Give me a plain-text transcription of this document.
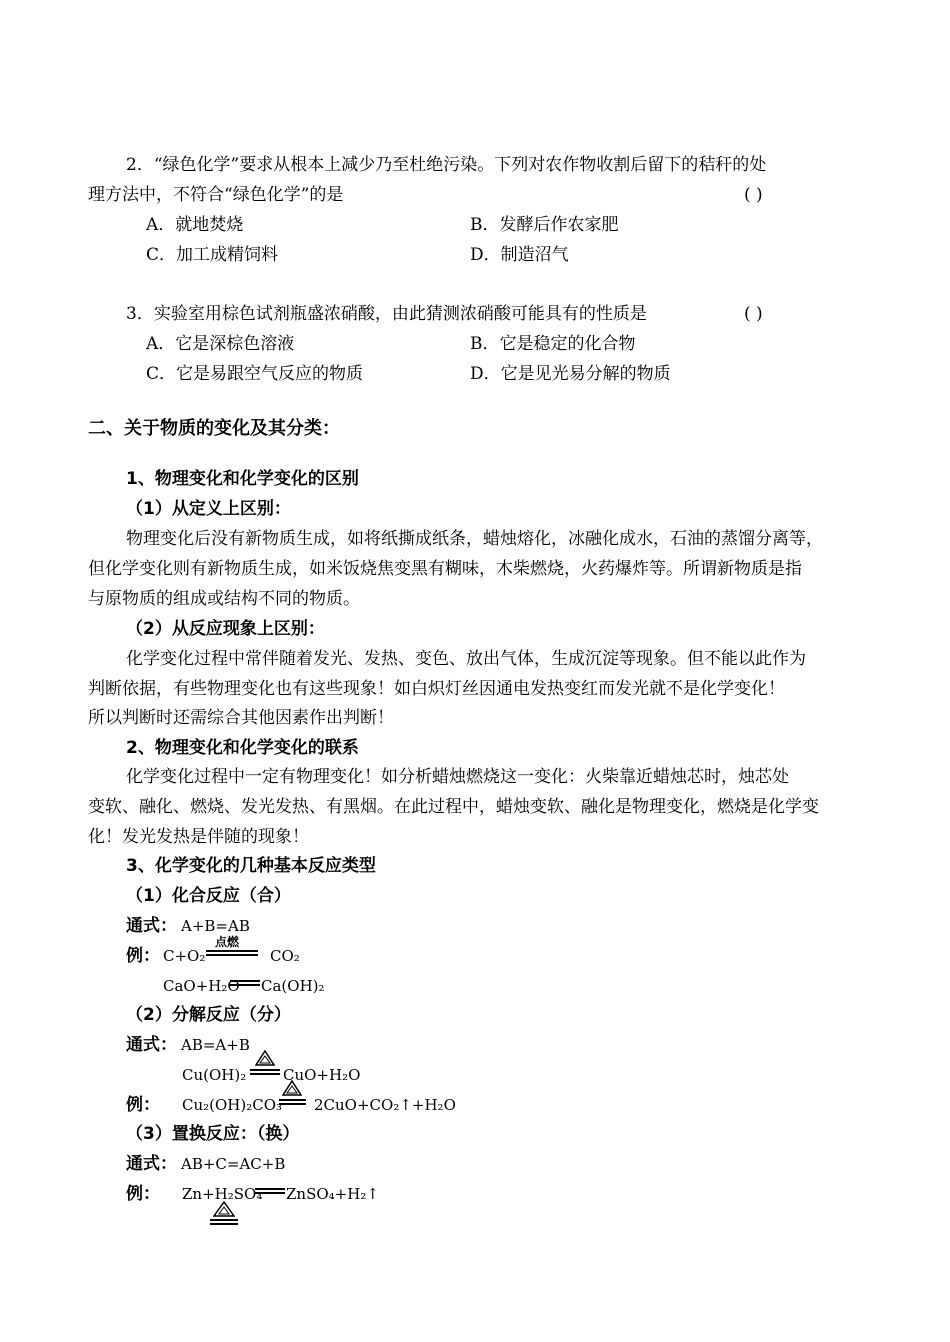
2．“绿色化学”要求从根本上减少乃至杜绝污染。下列对农作物收割后留下的秸秆的处
理方法中，不符合“绿色化学”的是	( )
A．就地焚烧	B．发酵后作农家肥
C．加工成精饲料	D．制造沼气
3．实验室用棕色试剂瓶盛浓硝酸，由此猜测浓硝酸可能具有的性质是	( )
A．它是深棕色溶液	B．它是稳定的化合物
C．它是易跟空气反应的物质	D．它是见光易分解的物质
二、关于物质的变化及其分类：
1、物理变化和化学变化的区别
（1）从定义上区别：
物理变化后没有新物质生成，如将纸撕成纸条，蜡烛熔化，冰融化成水，石油的蒸馏分离等，
但化学变化则有新物质生成，如米饭烧焦变黑有糊味，木柴燃烧，火药爆炸等。所谓新物质是指
与原物质的组成或结构不同的物质。
（2）从反应现象上区别：
化学变化过程中常伴随着发光、发热、变色、放出气体，生成沉淀等现象。但不能以此作为
判断依据，有些物理变化也有这些现象！如白炽灯丝因通电发热变红而发光就不是化学变化！
所以判断时还需综合其他因素作出判断！
2、物理变化和化学变化的联系
化学变化过程中一定有物理变化！如分析蜡烛燃烧这一变化：火柴靠近蜡烛芯时，烛芯处
变软、融化、燃烧、发光发热、有黑烟。在此过程中，蜡烛变软、融化是物理变化，燃烧是化学变
化！发光发热是伴随的现象！
3、化学变化的几种基本反应类型
（1）化合反应（合）
通式： A+B=AB
例： C+O₂
点燃
CO₂
CaO+H₂O Ca(OH)₂
（2）分解反应（分）
通式： AB=A+B
Cu(OH)₂ CuO+H₂O
例： Cu₂(OH)₂CO₃ 2CuO+CO₂↑+H₂O
（3）置换反应：（换）
通式： AB+C=AC+B
例： Zn+H₂SO₄ ZnSO₄+H₂↑
